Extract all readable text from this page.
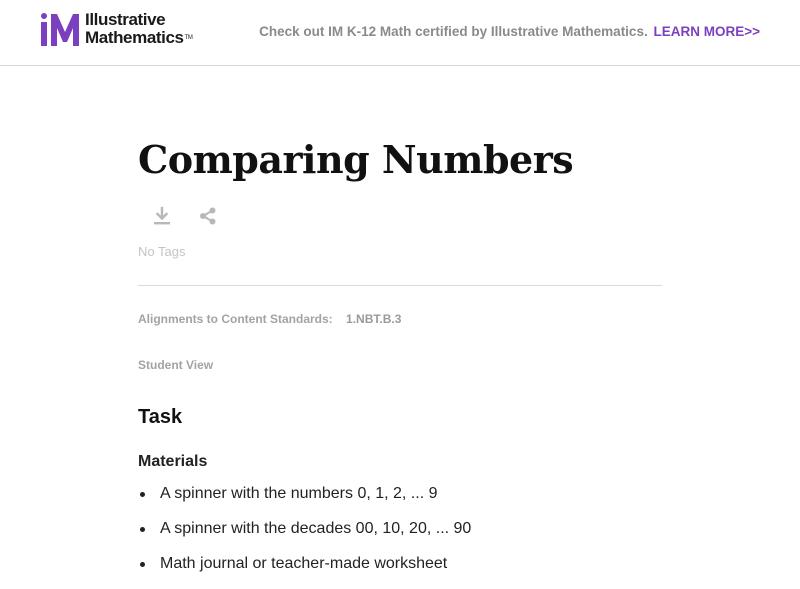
Illustrative
Mathematics™	Check out IM K-12 Math certified by Illustrative Mathematics. LEARN MORE>>
Comparing Numbers
No Tags
Alignments to Content Standards: 1.NBT.B.3
Student View
Task
Materials
A spinner with the numbers 0, 1, 2, ... 9
A spinner with the decades 00, 10, 20, ... 90
Math journal or teacher-made worksheet
